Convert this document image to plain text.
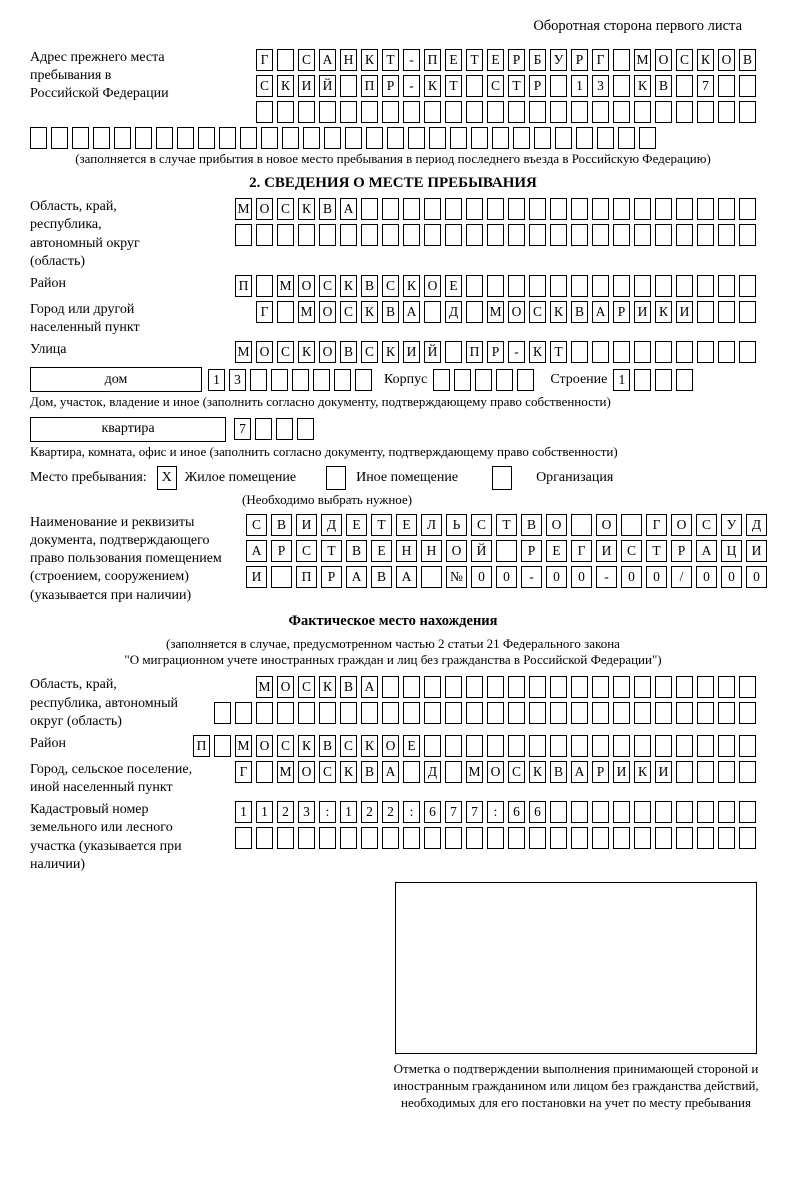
Оборотная сторона первого листа
Адрес прежнего места пребывания в Российской Федерации
Г	С А Н К Т	-	П Е Т Е Р Б У Р Г	М О С К О В
С К И Й П Р	-	К Т	С Т Р	1	3	К В	7
(заполняется в случае прибытия в новое место пребывания в период последнего въезда в Российскую Федерацию)
2. СВЕДЕНИЯ О МЕСТЕ ПРЕБЫВАНИЯ
Область, край, республика, автономный округ (область)
М О С К В А
Район	П М О С К В С К О Е
Город или другой населенный пункт
Г	М О С К В А Д М О С К В А Р И К И
Улица	М О С К О В С К И Й П Р	-	К Т
дом	1	3	Корпус	Строение 1
Дом, участок, владение и иное (заполнить согласно документу, подтверждающему право собственности)
квартира	7
Квартира, комната, офис и иное (заполнить согласно документу, подтверждающему право собственности)
Место пребывания:	X Жилое помещение	Иное помещение	Организация
(Необходимо выбрать нужное)
Наименование и реквизиты документа, подтверждающего право пользования помещением (строением, сооружением) (указывается при наличии)
С	В	И	Д	Е	Т	Е	Л	Ь	С	Т	В	О	О	Г	О	С	У	Д
А	Р	С	Т	В	Е	Н	Н	О	Й	Р	Е	Г	И	С	Т	Р	А	Ц	И
И	П	Р	А	В	А	№	0	0	-	0	0	-	0	0	/	0	0	0
Фактическое место нахождения
(заполняется в случае, предусмотренном частью 2 статьи 21 Федерального закона
"О миграционном учете иностранных граждан и лиц без гражданства в Российской Федерации")
Область, край, республика, автономный округ (область)
М О С К В А
Район	П М О С К В С К О Е
Город, сельское поселение, иной населенный пункт
Г	М О С К В А Д М О С К В А Р И К И
Кадастровый номер земельного или лесного участка (указывается при наличии)
1	1	2	3	:	1	2	2	:	6	7	7	:	6	6
Отметка о подтверждении выполнения принимающей стороной и иностранным гражданином или лицом без гражданства действий, необходимых для его постановки на учет по месту пребывания
